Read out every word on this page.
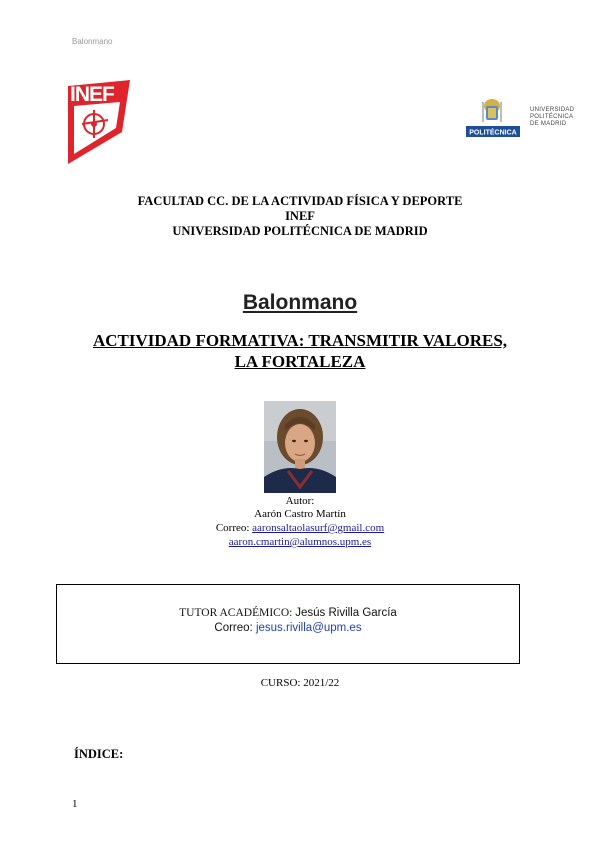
Balonmano
INEF
POLITÉCNICA
UNIVERSIDAD
POLITÉCNICA
DE MADRID
FACULTAD CC. DE LA ACTIVIDAD FÍSICA Y DEPORTE
INEF
UNIVERSIDAD POLITÉCNICA DE MADRID
Balonmano
ACTIVIDAD FORMATIVA: TRANSMITIR VALORES,
LA FORTALEZA
Autor:
Aarón Castro Martín
Correo: aaronsaltaolasurf@gmail.com
aaron.cmartin@alumnos.upm.es
TUTOR ACADÉMICO: Jesús Rivilla García
Correo: jesus.rivilla@upm.es
CURSO: 2021/22
ÍNDICE:
1
